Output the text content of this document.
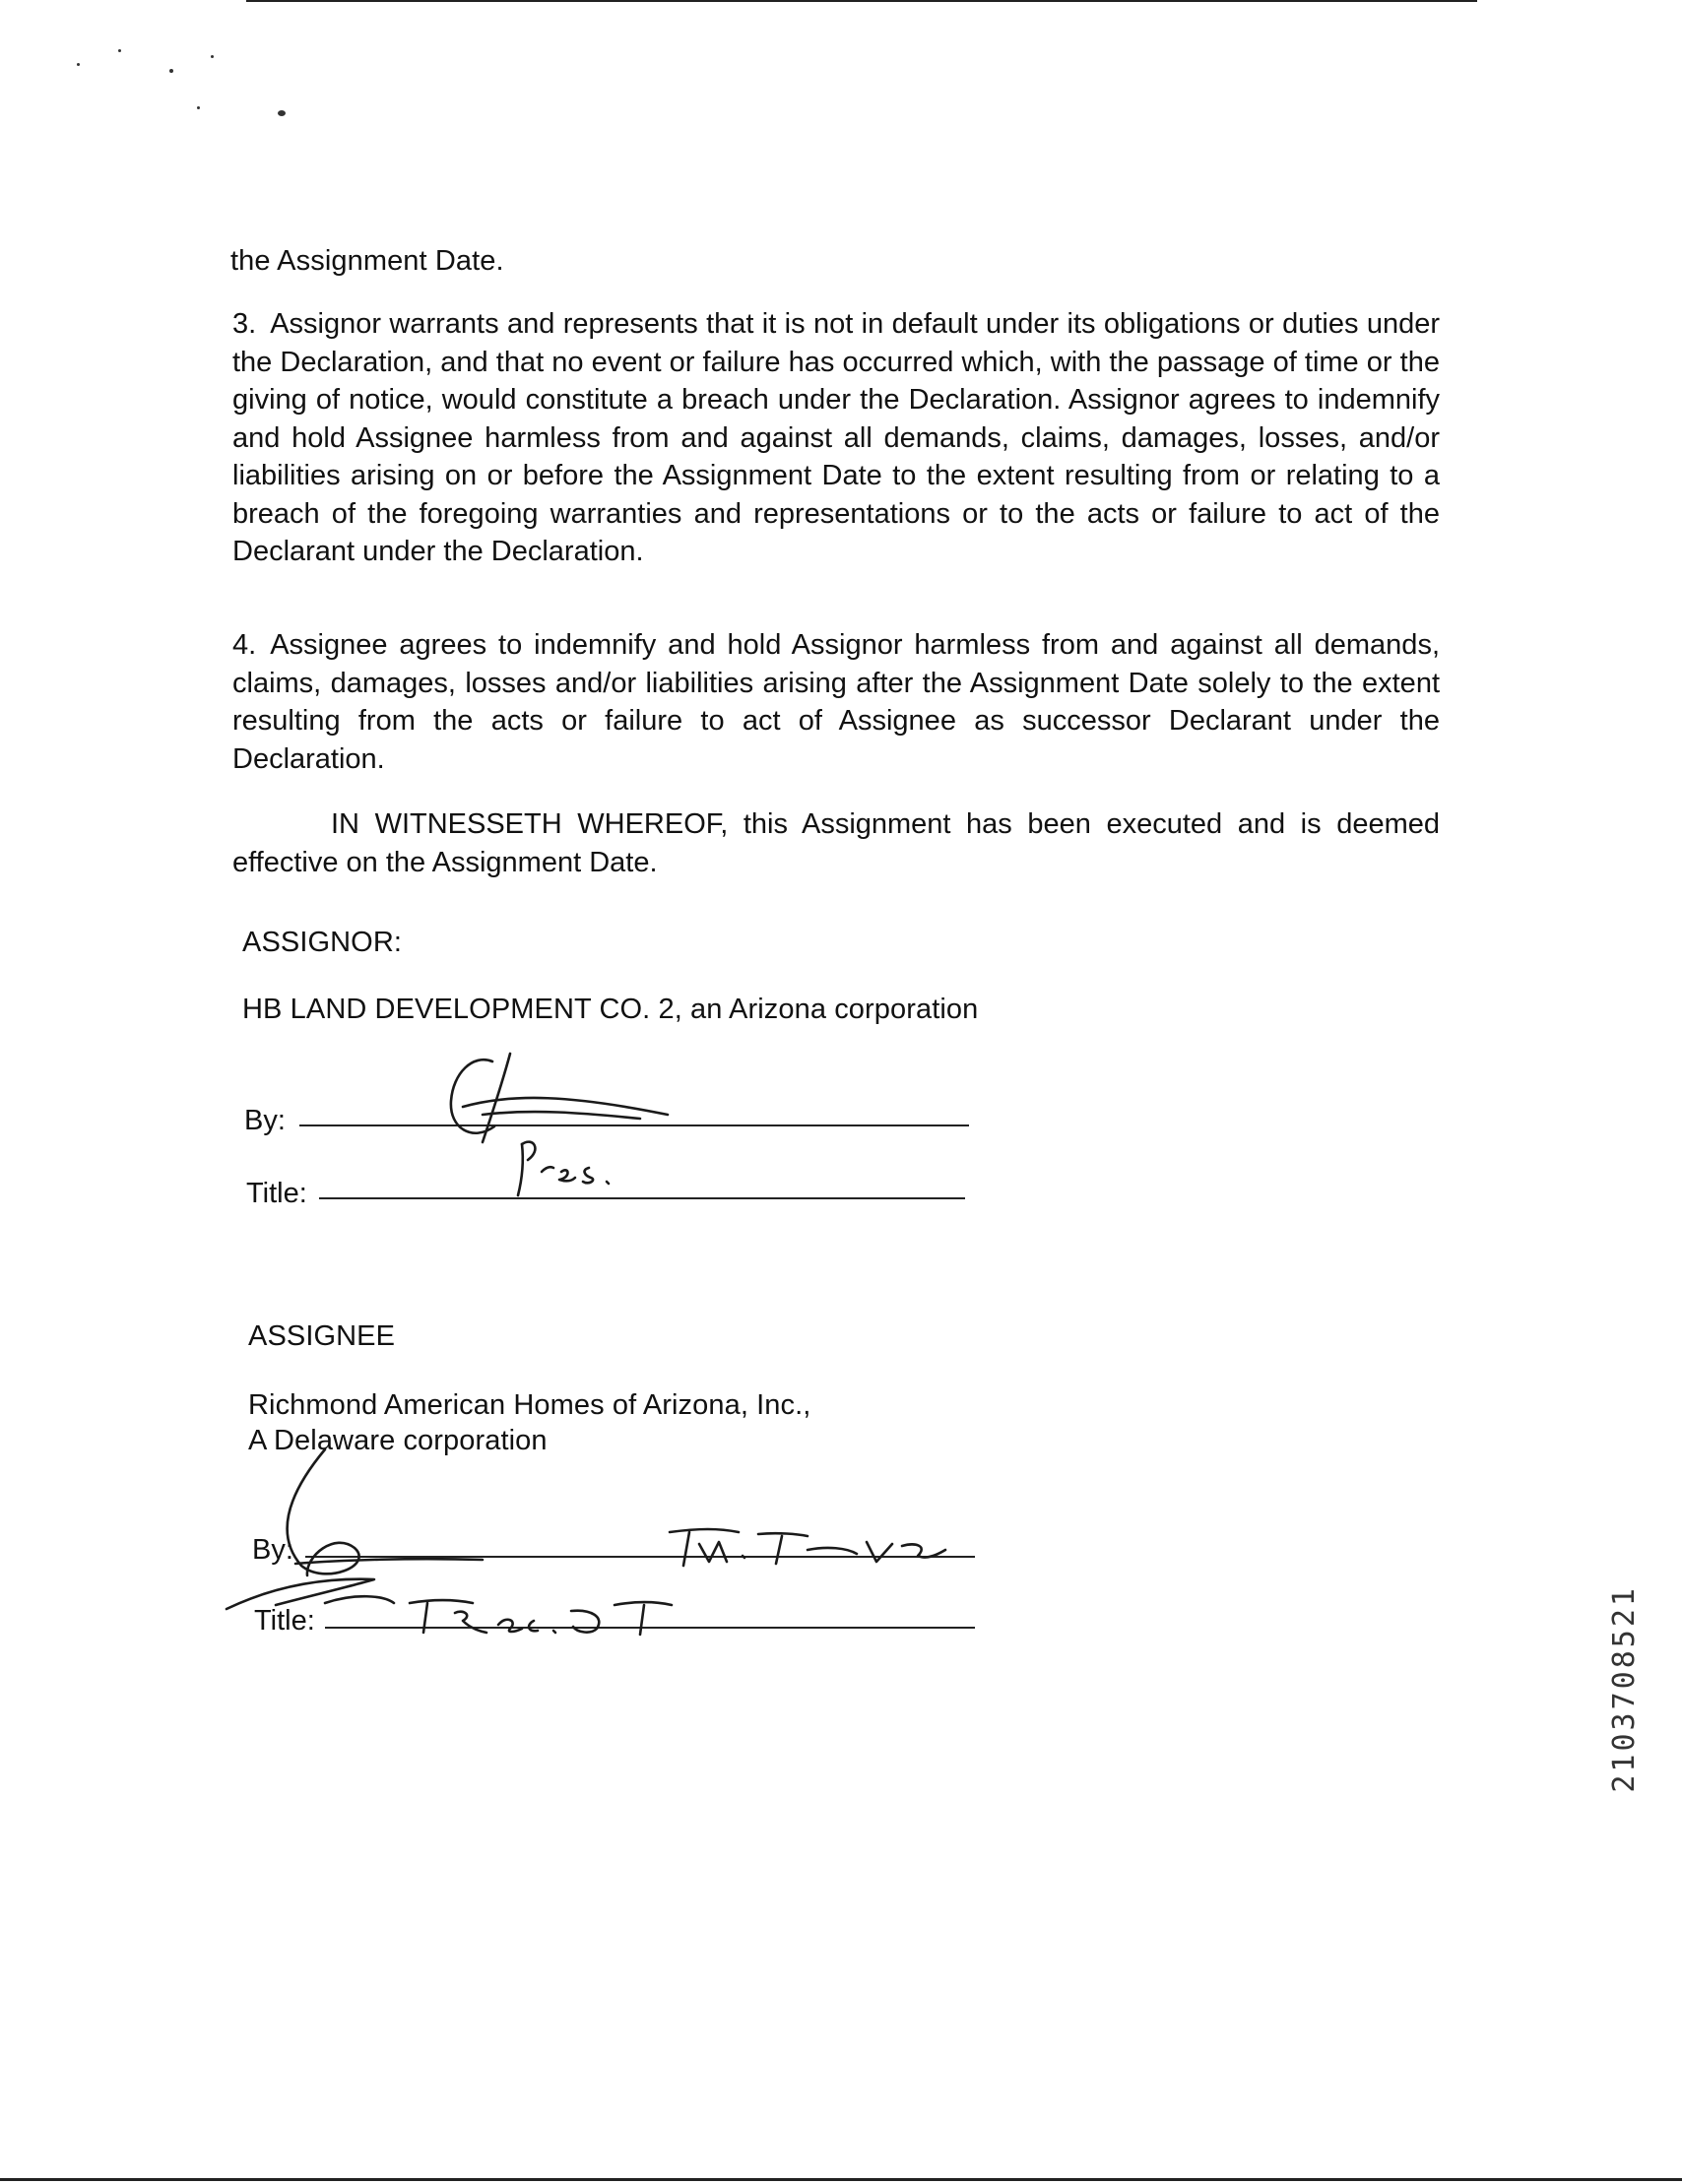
the Assignment Date.
3. Assignor warrants and represents that it is not in default under its obligations or duties under the Declaration, and that no event or failure has occurred which, with the passage of time or the giving of notice, would constitute a breach under the Declaration. Assignor agrees to indemnify and hold Assignee harmless from and against all demands, claims, damages, losses, and/or liabilities arising on or before the Assignment Date to the extent resulting from or relating to a breach of the foregoing warranties and representations or to the acts or failure to act of the Declarant under the Declaration.
4. Assignee agrees to indemnify and hold Assignor harmless from and against all demands, claims, damages, losses and/or liabilities arising after the Assignment Date solely to the extent resulting from the acts or failure to act of Assignee as successor Declarant under the Declaration.
IN WITNESSETH WHEREOF, this Assignment has been executed and is deemed effective on the Assignment Date.
ASSIGNOR:
HB LAND DEVELOPMENT CO. 2, an Arizona corporation
By:
Title:
ASSIGNEE
Richmond American Homes of Arizona, Inc.,
A Delaware corporation
By:
Title:	2103708521
